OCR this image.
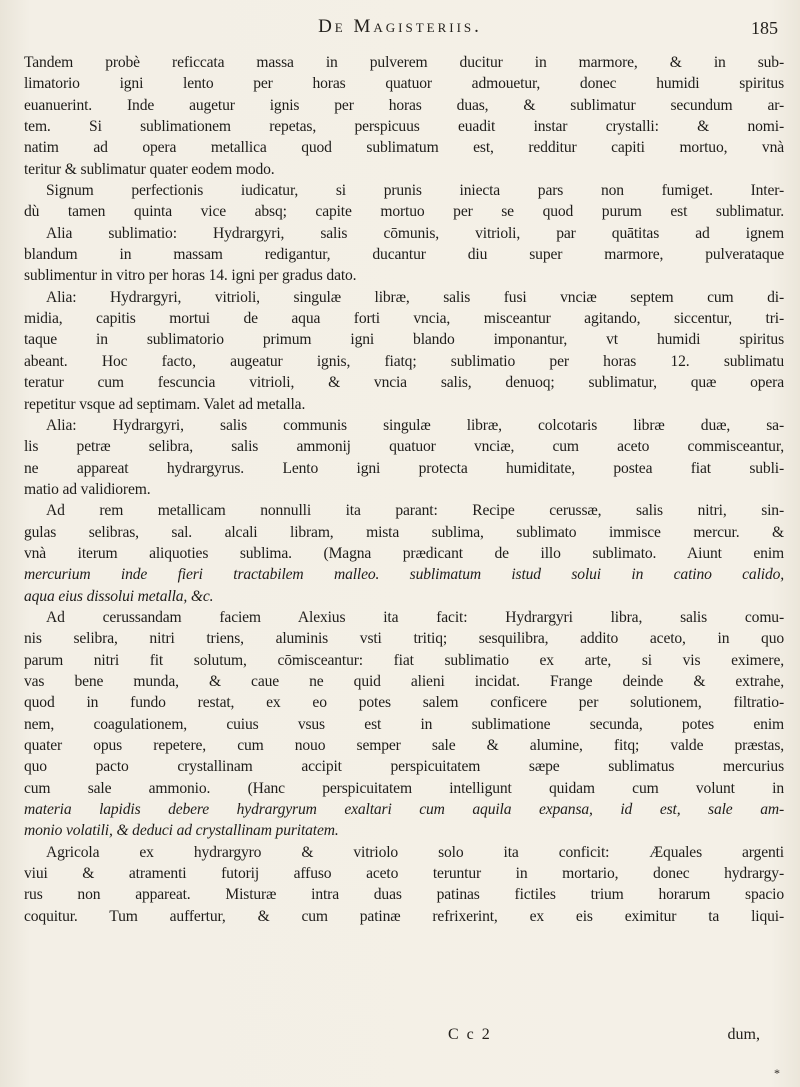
De Magisteriis.	185
Tandem probè reficcata massa in pulverem ducitur in marmore, & in sub-
limatorio igni lento per horas quatuor admouetur, donec humidi spiritus
euanuerint. Inde augetur ignis per horas duas, & sublimatur secundum ar-
tem. Si sublimationem repetas, perspicuus euadit instar crystalli: & nomi-
natim ad opera metallica quod sublimatum est, redditur capiti mortuo, vnà
teritur & sublimatur quater eodem modo.
Signum perfectionis iudicatur, si prunis iniecta pars non fumiget. Inter-
dù tamen quinta vice absq; capite mortuo per se quod purum est sublimatur.
Alia sublimatio: Hydrargyri, salis cōmunis, vitrioli, par quātitas ad ignem
blandum in massam redigantur, ducantur diu super marmore, pulverataque
sublimentur in vitro per horas 14. igni per gradus dato.
Alia: Hydrargyri, vitrioli, singulæ libræ, salis fusi vnciæ septem cum di-
midia, capitis mortui de aqua forti vncia, misceantur agitando, siccentur, tri-
taque in sublimatorio primum igni blando imponantur, vt humidi spiritus
abeant. Hoc facto, augeatur ignis, fiatq; sublimatio per horas 12. sublimatu
teratur cum fescuncia vitrioli, & vncia salis, denuoq; sublimatur, quæ opera
repetitur vsque ad septimam. Valet ad metalla.
Alia: Hydrargyri, salis communis singulæ libræ, colcotaris libræ duæ, sa-
lis petræ selibra, salis ammonij quatuor vnciæ, cum aceto commisceantur,
ne appareat hydrargyrus. Lento igni protecta humiditate, postea fiat subli-
matio ad validiorem.
Ad rem metallicam nonnulli ita parant: Recipe cerussæ, salis nitri, sin-
gulas selibras, sal. alcali libram, mista sublima, sublimato immisce mercur. &
vnà iterum aliquoties sublima. (Magna prædicant de illo sublimato. Aiunt enim
mercurium inde fieri tractabilem malleo. sublimatum istud solui in catino calido,
aqua eius dissolui metalla, &c.
Ad cerussandam faciem Alexius ita facit: Hydrargyri libra, salis comu-
nis selibra, nitri triens, aluminis vsti tritiq; sesquilibra, addito aceto, in quo
parum nitri fit solutum, cōmisceantur: fiat sublimatio ex arte, si vis eximere,
vas bene munda, & caue ne quid alieni incidat. Frange deinde & extrahe,
quod in fundo restat, ex eo potes salem conficere per solutionem, filtratio-
nem, coagulationem, cuius vsus est in sublimatione secunda, potes enim
quater opus repetere, cum nouo semper sale & alumine, fitq; valde præstas,
quo pacto crystallinam accipit perspicuitatem sæpe sublimatus mercurius
cum sale ammonio. (Hanc perspicuitatem intelligunt quidam cum volunt in
materia lapidis debere hydrargyrum exaltari cum aquila expansa, id est, sale am-
monio volatili, & deduci ad crystallinam puritatem.
Agricola ex hydrargyro & vitriolo solo ita conficit: Æquales argenti
viui & atramenti futorij affuso aceto teruntur in mortario, donec hydrargy-
rus non appareat. Misturæ intra duas patinas fictiles trium horarum spacio
coquitur. Tum auffertur, & cum patinæ refrixerint, ex eis eximitur ta liqui-
C c 2	dum,
*
